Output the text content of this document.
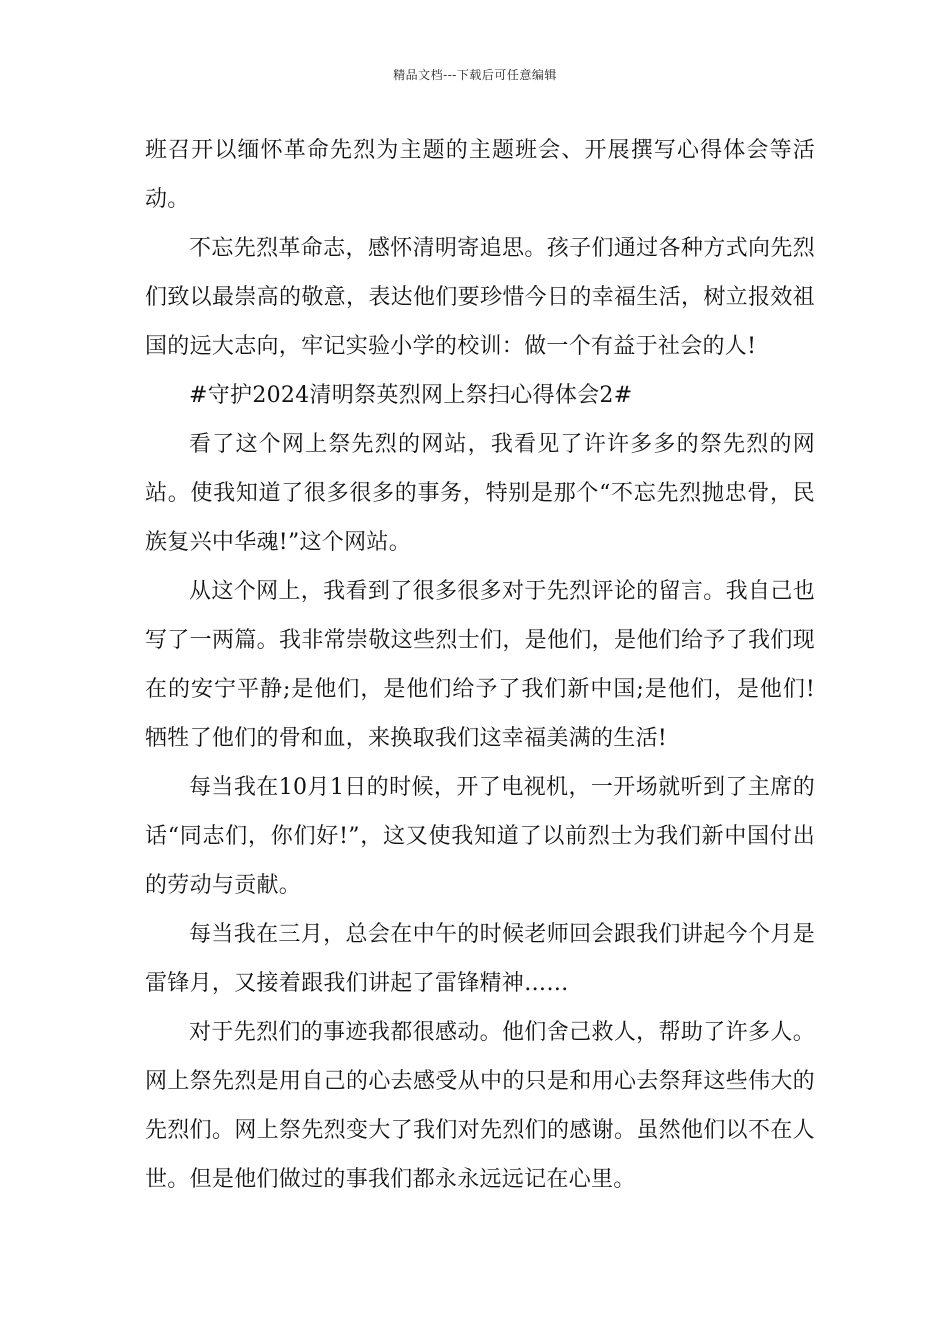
精品文档---下载后可任意编辑

班召开以缅怀革命先烈为主题的主题班会、开展撰写心得体会等活动。

不忘先烈革命志，感怀清明寄追思。孩子们通过各种方式向先烈们致以最崇高的敬意，表达他们要珍惜今日的幸福生活，树立报效祖国的远大志向，牢记实验小学的校训：做一个有益于社会的人!

#守护2024清明祭英烈网上祭扫心得体会2#

看了这个网上祭先烈的网站，我看见了许许多多的祭先烈的网站。使我知道了很多很多的事务，特别是那个“不忘先烈抛忠骨，民族复兴中华魂!”这个网站。

从这个网上，我看到了很多很多对于先烈评论的留言。我自己也写了一两篇。我非常崇敬这些烈士们，是他们，是他们给予了我们现在的安宁平静;是他们，是他们给予了我们新中国;是他们，是他们!牺牲了他们的骨和血，来换取我们这幸福美满的生活!

每当我在10月1日的时候，开了电视机，一开场就听到了主席的话“同志们，你们好!”，这又使我知道了以前烈士为我们新中国付出的劳动与贡献。

每当我在三月，总会在中午的时候老师回会跟我们讲起今个月是雷锋月，又接着跟我们讲起了雷锋精神……

对于先烈们的事迹我都很感动。他们舍己救人，帮助了许多人。网上祭先烈是用自己的心去感受从中的只是和用心去祭拜这些伟大的先烈们。网上祭先烈变大了我们对先烈们的感谢。虽然他们以不在人世。但是他们做过的事我们都永永远远记在心里。
